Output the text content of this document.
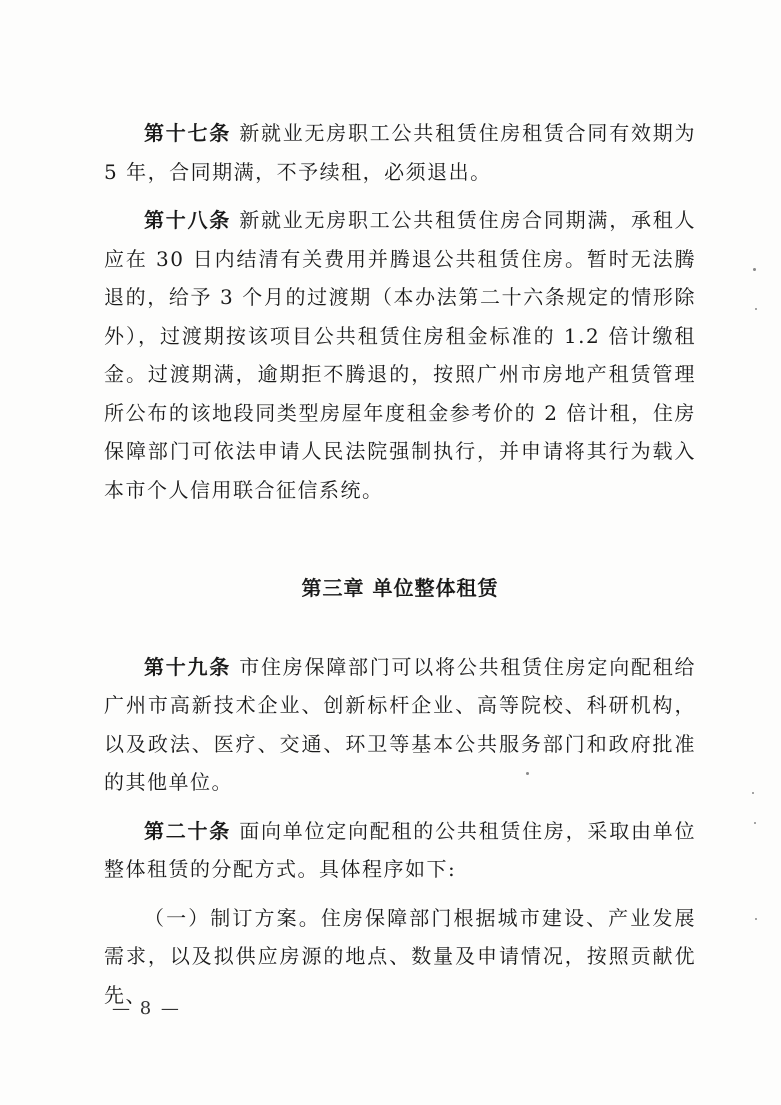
第十七条 新就业无房职工公共租赁住房租赁合同有效期为 5 年，合同期满，不予续租，必须退出。

第十八条 新就业无房职工公共租赁住房合同期满，承租人应在 30 日内结清有关费用并腾退公共租赁住房。暂时无法腾退的，给予 3 个月的过渡期（本办法第二十六条规定的情形除外），过渡期按该项目公共租赁住房租金标准的 1.2 倍计缴租金。过渡期满，逾期拒不腾退的，按照广州市房地产租赁管理所公布的该地段同类型房屋年度租金参考价的 2 倍计租，住房保障部门可依法申请人民法院强制执行，并申请将其行为载入本市个人信用联合征信系统。

第三章 单位整体租赁

第十九条 市住房保障部门可以将公共租赁住房定向配租给广州市高新技术企业、创新标杆企业、高等院校、科研机构，以及政法、医疗、交通、环卫等基本公共服务部门和政府批准的其他单位。

第二十条 面向单位定向配租的公共租赁住房，采取由单位整体租赁的分配方式。具体程序如下:

（一）制订方案。住房保障部门根据城市建设、产业发展需求，以及拟供应房源的地点、数量及申请情况，按照贡献优先、

— 8 —
